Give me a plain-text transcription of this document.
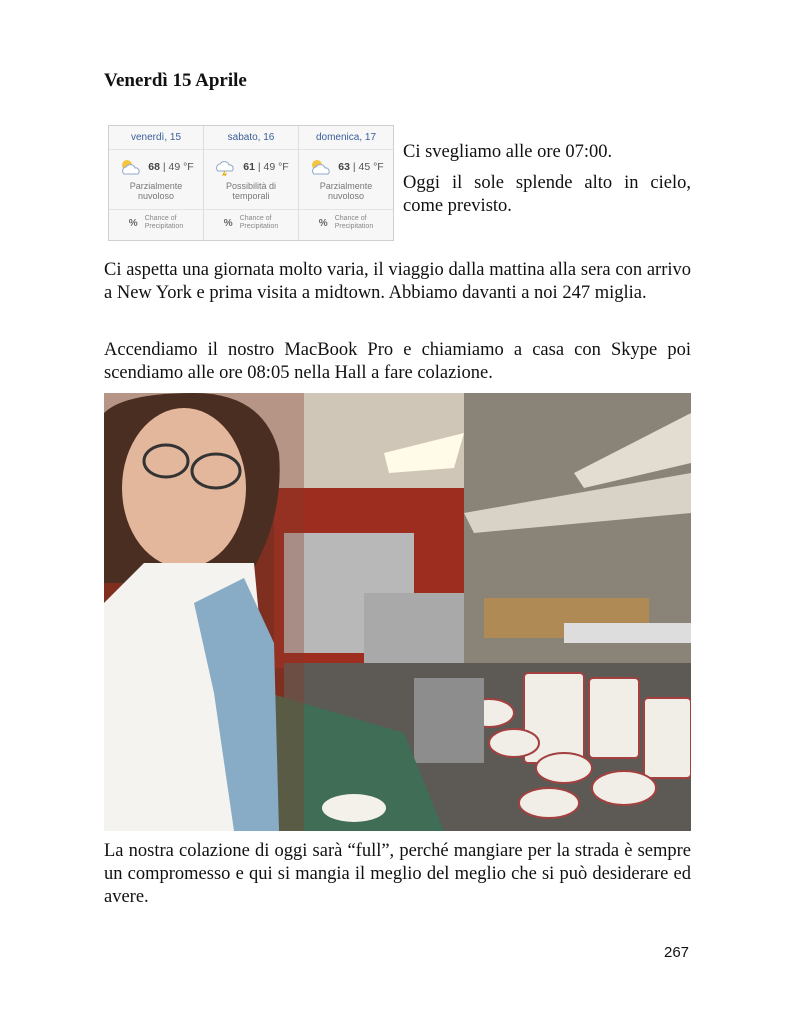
Venerdì 15 Aprile
venerdì, 15
68 | 49 °F
Parzialmente
nuvoloso
% Chance of
Precipitation
sabato, 16
61 | 49 °F
Possibilità di
temporali
% Chance of
Precipitation
domenica, 17
63 | 45 °F
Parzialmente
nuvoloso
% Chance of
Precipitation

Ci svegliamo alle ore 07:00.

Oggi il sole splende alto in cielo, come previsto.

Ci aspetta una giornata molto varia, il viaggio dalla mattina alla sera con arrivo a New York e prima visita a midtown. Abbiamo davanti a noi 247 miglia.
Accendiamo il nostro MacBook Pro e chiamiamo a casa con Skype poi scendiamo alle ore 08:05 nella Hall a fare colazione.
La nostra colazione di oggi sarà “full”, perché mangiare per la strada è sempre un compromesso e qui si mangia il meglio del meglio che si può desiderare ed avere.
267
